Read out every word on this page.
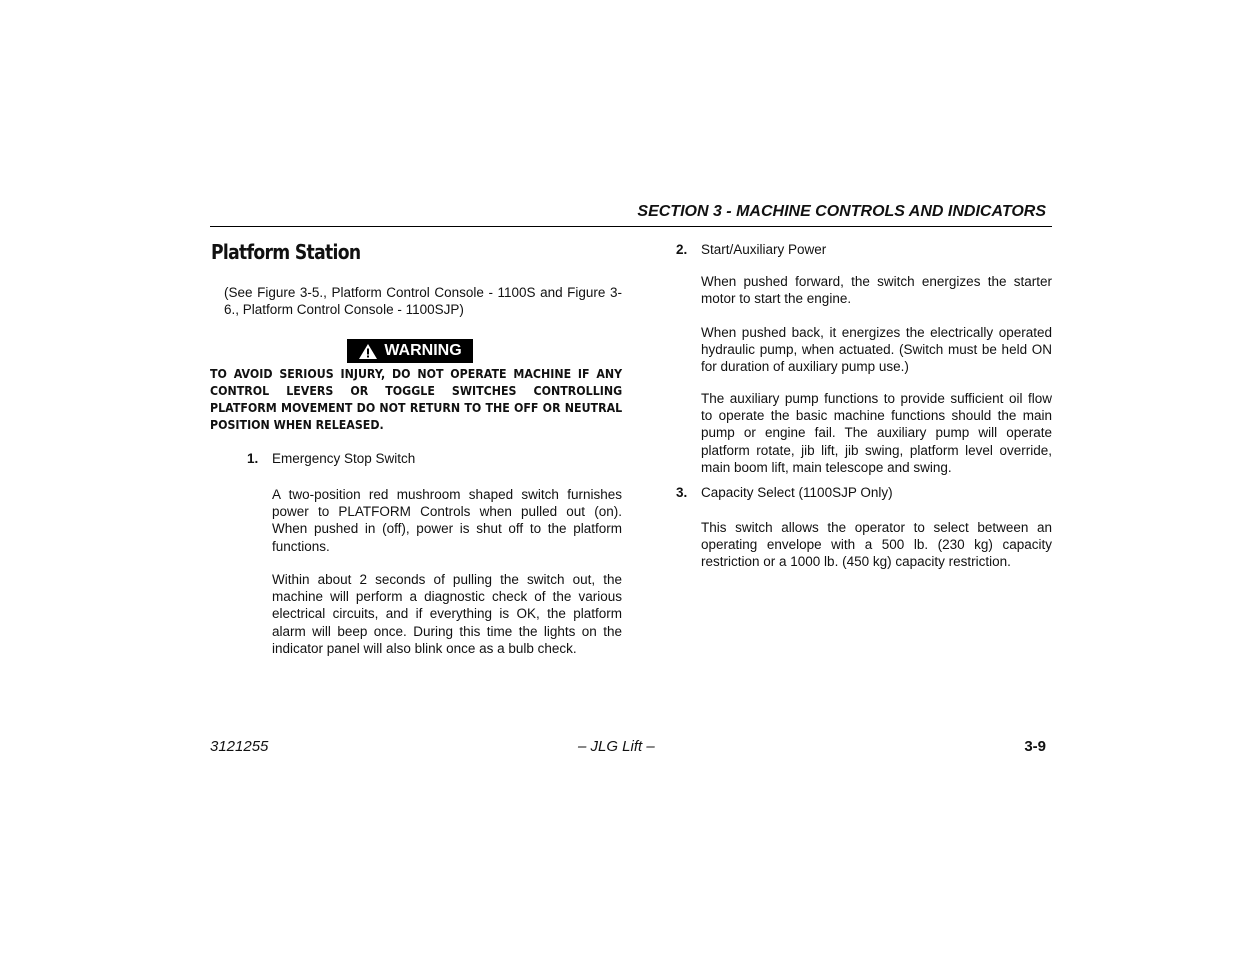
SECTION 3 - MACHINE CONTROLS AND INDICATORS
Platform Station
(See Figure 3-5., Platform Control Console - 1100S and Figure 3-6., Platform Control Console - 1100SJP)
WARNING
TO AVOID SERIOUS INJURY, DO NOT OPERATE MACHINE IF ANY CONTROL LEVERS OR TOGGLE SWITCHES CONTROLLING PLATFORM MOVEMENT DO NOT RETURN TO THE OFF OR NEUTRAL POSITION WHEN RELEASED.
1. Emergency Stop Switch
A two-position red mushroom shaped switch furnishes power to PLATFORM Controls when pulled out (on). When pushed in (off), power is shut off to the platform functions.
Within about 2 seconds of pulling the switch out, the machine will perform a diagnostic check of the various electrical circuits, and if everything is OK, the platform alarm will beep once. During this time the lights on the indicator panel will also blink once as a bulb check.
2. Start/Auxiliary Power
When pushed forward, the switch energizes the starter motor to start the engine.
When pushed back, it energizes the electrically operated hydraulic pump, when actuated. (Switch must be held ON for duration of auxiliary pump use.)
The auxiliary pump functions to provide sufficient oil flow to operate the basic machine functions should the main pump or engine fail. The auxiliary pump will operate platform rotate, jib lift, jib swing, platform level override, main boom lift, main telescope and swing.
3. Capacity Select (1100SJP Only)
This switch allows the operator to select between an operating envelope with a 500 lb. (230 kg) capacity restriction or a 1000 lb. (450 kg) capacity restriction.
3121255	– JLG Lift –	3-9
